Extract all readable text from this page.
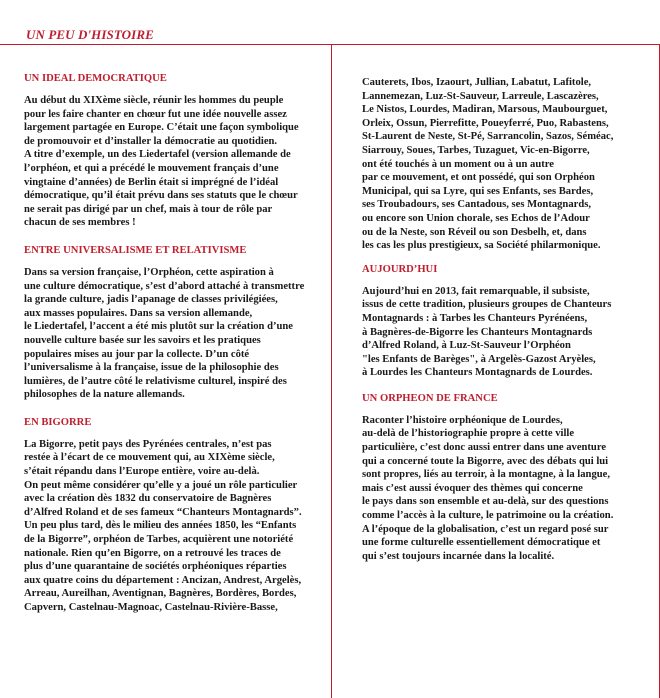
UN PEU D'HISTOIRE
UN IDEAL DEMOCRATIQUE
Au début du XIXème siècle, réunir les hommes du peuple
pour les faire chanter en chœur fut une idée nouvelle assez
largement partagée en Europe. C’était une façon symbolique
de promouvoir et d’installer la démocratie au quotidien.
A titre d’exemple, un des Liedertafel (version allemande de
l’orphéon, et qui a précédé le mouvement français d’une
vingtaine d’années) de Berlin était si imprégné de l’idéal
démocratique, qu’il était prévu dans ses statuts que le chœur
ne serait pas dirigé par un chef, mais à tour de rôle par
chacun de ses membres !
ENTRE UNIVERSALISME ET RELATIVISME
Dans sa version française, l’Orphéon, cette aspiration à
une culture démocratique, s’est d’abord attaché à transmettre
la grande culture, jadis l’apanage de classes privilégiées,
aux masses populaires. Dans sa version allemande,
le Liedertafel, l’accent a été mis plutôt sur la création d’une
nouvelle culture basée sur les savoirs et les pratiques
populaires mises au jour par la collecte. D’un côté
l’universalisme à la française, issue de la philosophie des
lumières, de l’autre côté le relativisme culturel, inspiré des
philosophes de la nature allemands.
EN BIGORRE
La Bigorre, petit pays des Pyrénées centrales, n’est pas
restée à l’écart de ce mouvement qui, au XIXème siècle,
s’était répandu dans l’Europe entière, voire au-delà.
On peut même considérer qu’elle y a joué un rôle particulier
avec la création dès 1832 du conservatoire de Bagnères
d’Alfred Roland et de ses fameux “Chanteurs Montagnards”.
Un peu plus tard, dès le milieu des années 1850, les “Enfants
de la Bigorre”, orphéon de Tarbes, acquièrent une notoriété
nationale. Rien qu’en Bigorre, on a retrouvé les traces de
plus d’une quarantaine de sociétés orphéoniques réparties
aux quatre coins du département : Ancizan, Andrest, Argelès,
Arreau, Aureilhan, Aventignan, Bagnères, Bordères, Bordes,
Capvern, Castelnau-Magnoac, Castelnau-Rivière-Basse,
Cauterets, Ibos, Izaourt, Jullian, Labatut, Lafitole,
Lannemezan, Luz-St-Sauveur, Larreule, Lascazères,
Le Nistos, Lourdes, Madiran, Marsous, Maubourguet,
Orleix, Ossun, Pierrefitte, Poueyferré, Puo, Rabastens,
St-Laurent de Neste, St-Pé, Sarrancolin, Sazos, Séméac,
Siarrouy, Soues, Tarbes, Tuzaguet, Vic-en-Bigorre,
ont été touchés à un moment ou à un autre
par ce mouvement, et ont possédé, qui son Orphéon
Municipal, qui sa Lyre, qui ses Enfants, ses Bardes,
ses Troubadours, ses Cantadous, ses Montagnards,
ou encore son Union chorale, ses Echos de l’Adour
ou de la Neste, son Réveil ou son Desbelh, et, dans
les cas les plus prestigieux, sa Société philarmonique.
AUJOURD’HUI
Aujourd’hui en 2013, fait remarquable, il subsiste,
issus de cette tradition, plusieurs groupes de Chanteurs
Montagnards : à Tarbes les Chanteurs Pyrénéens,
à Bagnères-de-Bigorre les Chanteurs Montagnards
d’Alfred Roland, à Luz-St-Sauveur l’Orphéon
"les Enfants de Barèges", à Argelès-Gazost Aryèles,
à Lourdes les Chanteurs Montagnards de Lourdes.
UN ORPHEON DE FRANCE
Raconter l’histoire orphéonique de Lourdes,
au-delà de l’historiographie propre à cette ville
particulière, c’est donc aussi entrer dans une aventure
qui a concerné toute la Bigorre, avec des débats qui lui
sont propres, liés au terroir, à la montagne, à la langue,
mais c’est aussi évoquer des thèmes qui concerne
le pays dans son ensemble et au-delà, sur des questions
comme l’accès à la culture, le patrimoine ou la création.
A l’époque de la globalisation, c’est un regard posé sur
une forme culturelle essentiellement démocratique et
qui s’est toujours incarnée dans la localité.
